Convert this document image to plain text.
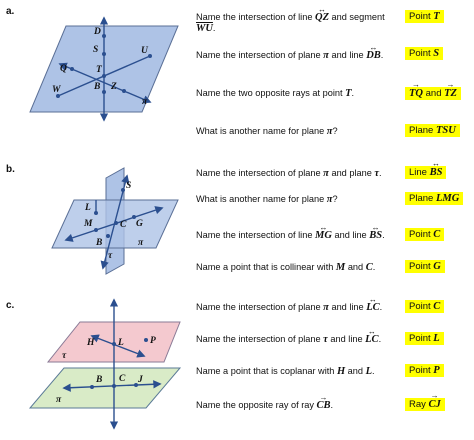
D
S	U
Q	T
W	B Z
π
S
L
M	C G
B	π
τ
H L	P
B C J
τ
π
a.
b.
c.
Name the intersection of line ↔ QZ and segment
$\overline{WU}$.
Point T
Name the intersection of plane π and line ↔ DB.	Point S
Name the two opposite rays at point T.	→ TQ and → TZ
What is another name for plane π?	Plane TSU
Name the intersection of plane π and plane τ.	Line ↔ BS
What is another name for plane π?	Plane LMG
Name the intersection of line ↔ MG and line ↔ BS.	Point C
Name a point that is collinear with M and C.	Point G
Name the intersection of plane π and line ↔ LC.	Point C
Name the intersection of plane τ and line ↔ LC.	Point L
Name a point that is coplanar with H and L.	Point P
Name the opposite ray of ray → CB.	Ray → CJ
